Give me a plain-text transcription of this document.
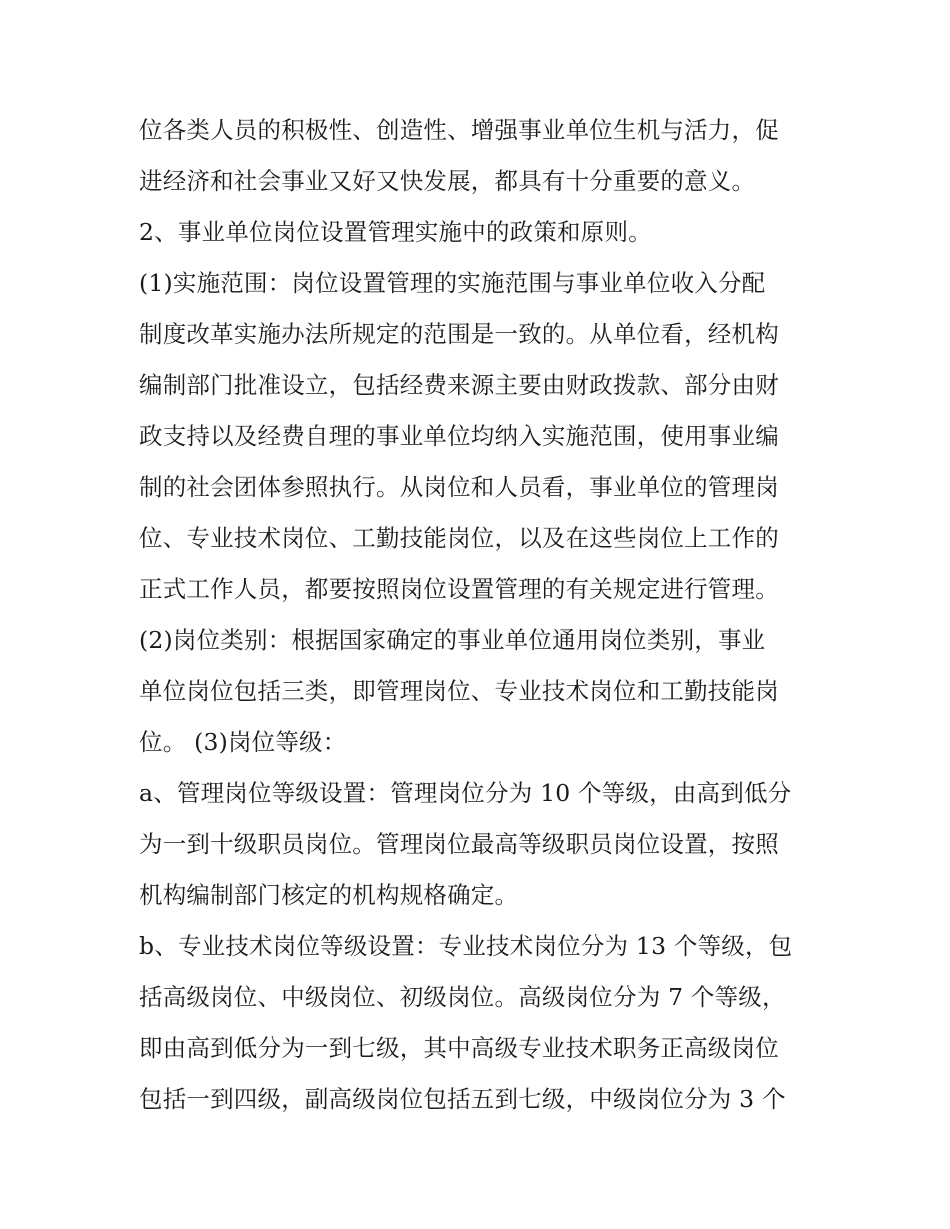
位各类人员的积极性、创造性、增强事业单位生机与活力，促
进经济和社会事业又好又快发展，都具有十分重要的意义。
2、事业单位岗位设置管理实施中的政策和原则。
(1)实施范围：岗位设置管理的实施范围与事业单位收入分配
制度改革实施办法所规定的范围是一致的。从单位看，经机构
编制部门批准设立，包括经费来源主要由财政拨款、部分由财
政支持以及经费自理的事业单位均纳入实施范围，使用事业编
制的社会团体参照执行。从岗位和人员看，事业单位的管理岗
位、专业技术岗位、工勤技能岗位，以及在这些岗位上工作的
正式工作人员，都要按照岗位设置管理的有关规定进行管理。
(2)岗位类别：根据国家确定的事业单位通用岗位类别，事业
单位岗位包括三类，即管理岗位、专业技术岗位和工勤技能岗
位。 (3)岗位等级：
a、管理岗位等级设置：管理岗位分为 10 个等级，由高到低分
为一到十级职员岗位。管理岗位最高等级职员岗位设置，按照
机构编制部门核定的机构规格确定。
b、专业技术岗位等级设置：专业技术岗位分为 13 个等级，包
括高级岗位、中级岗位、初级岗位。高级岗位分为 7 个等级，
即由高到低分为一到七级，其中高级专业技术职务正高级岗位
包括一到四级，副高级岗位包括五到七级，中级岗位分为 3 个
